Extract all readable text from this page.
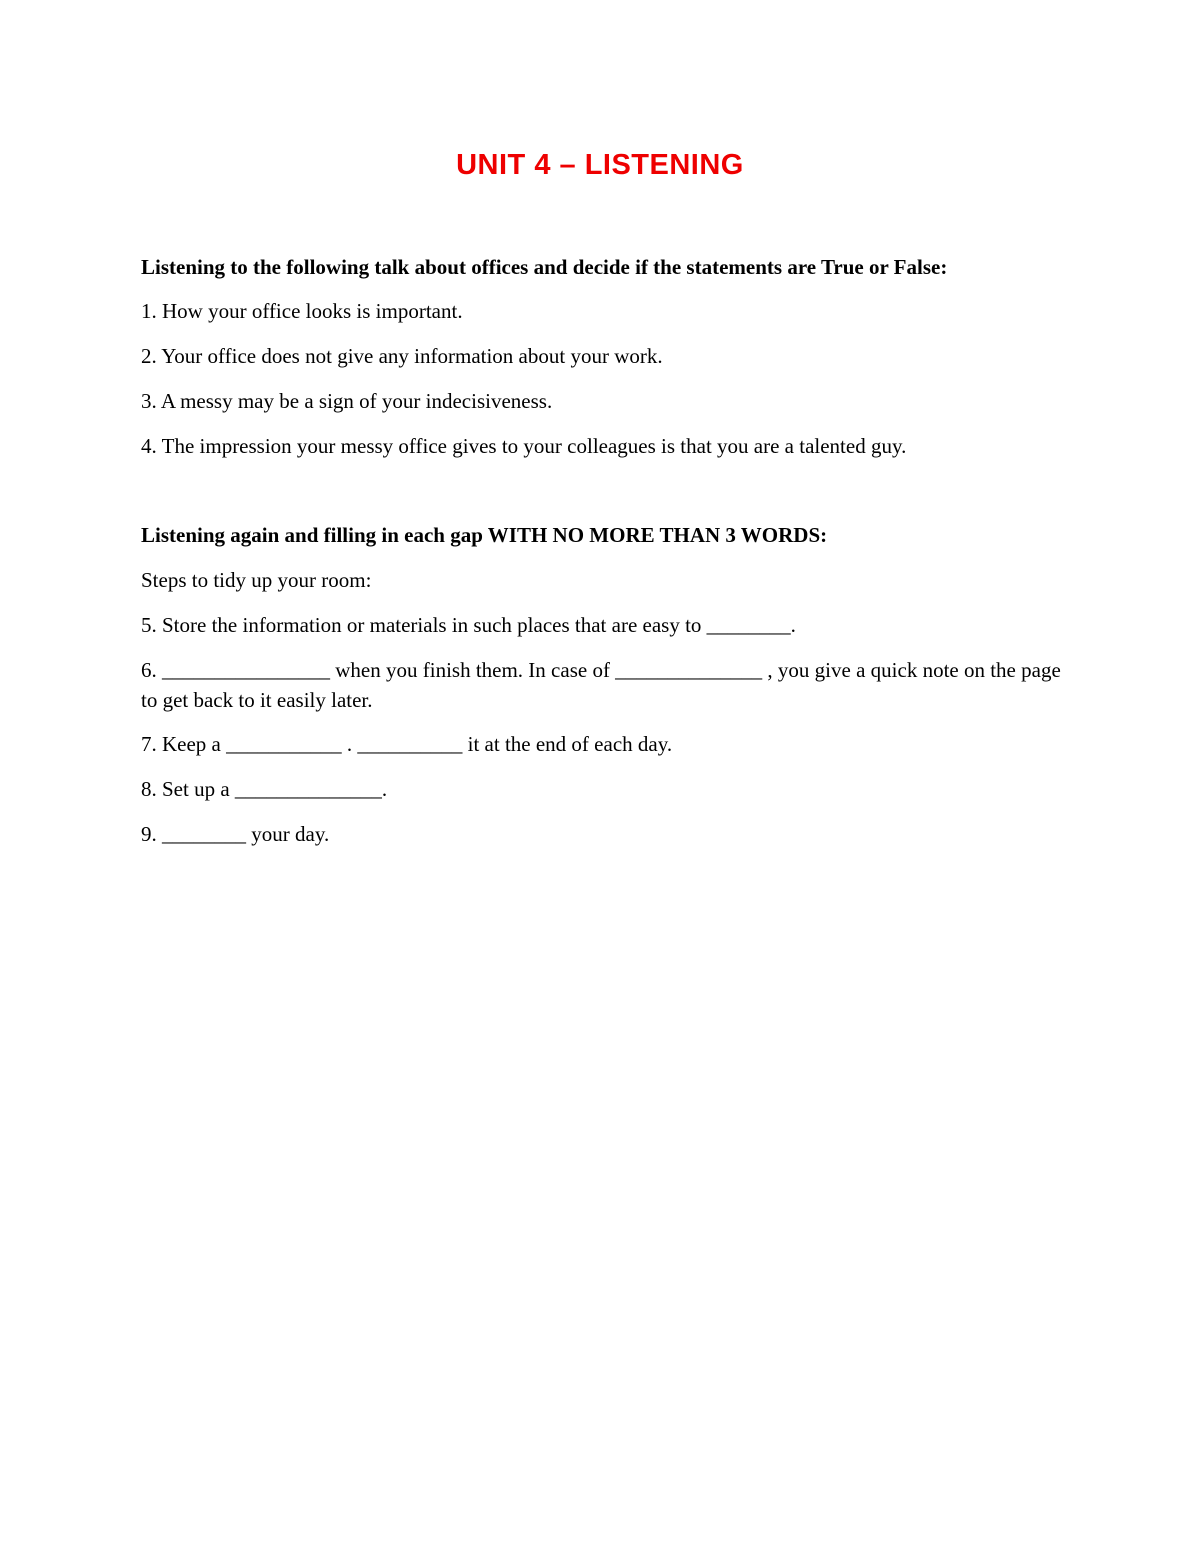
UNIT 4 – LISTENING

Listening to the following talk about offices and decide if the statements are True or False:

1. How your office looks is important.

2. Your office does not give any information about your work.

3. A messy may be a sign of your indecisiveness.

4. The impression your messy office gives to your colleagues is that you are a talented guy.

Listening again and filling in each gap WITH NO MORE THAN 3 WORDS:

Steps to tidy up your room:

5. Store the information or materials in such places that are easy to ________.

6. ________________ when you finish them. In case of ______________ , you give a quick note on the page to get back to it easily later.

7. Keep a ___________ . __________ it at the end of each day.

8. Set up a ______________.

9. ________ your day.
